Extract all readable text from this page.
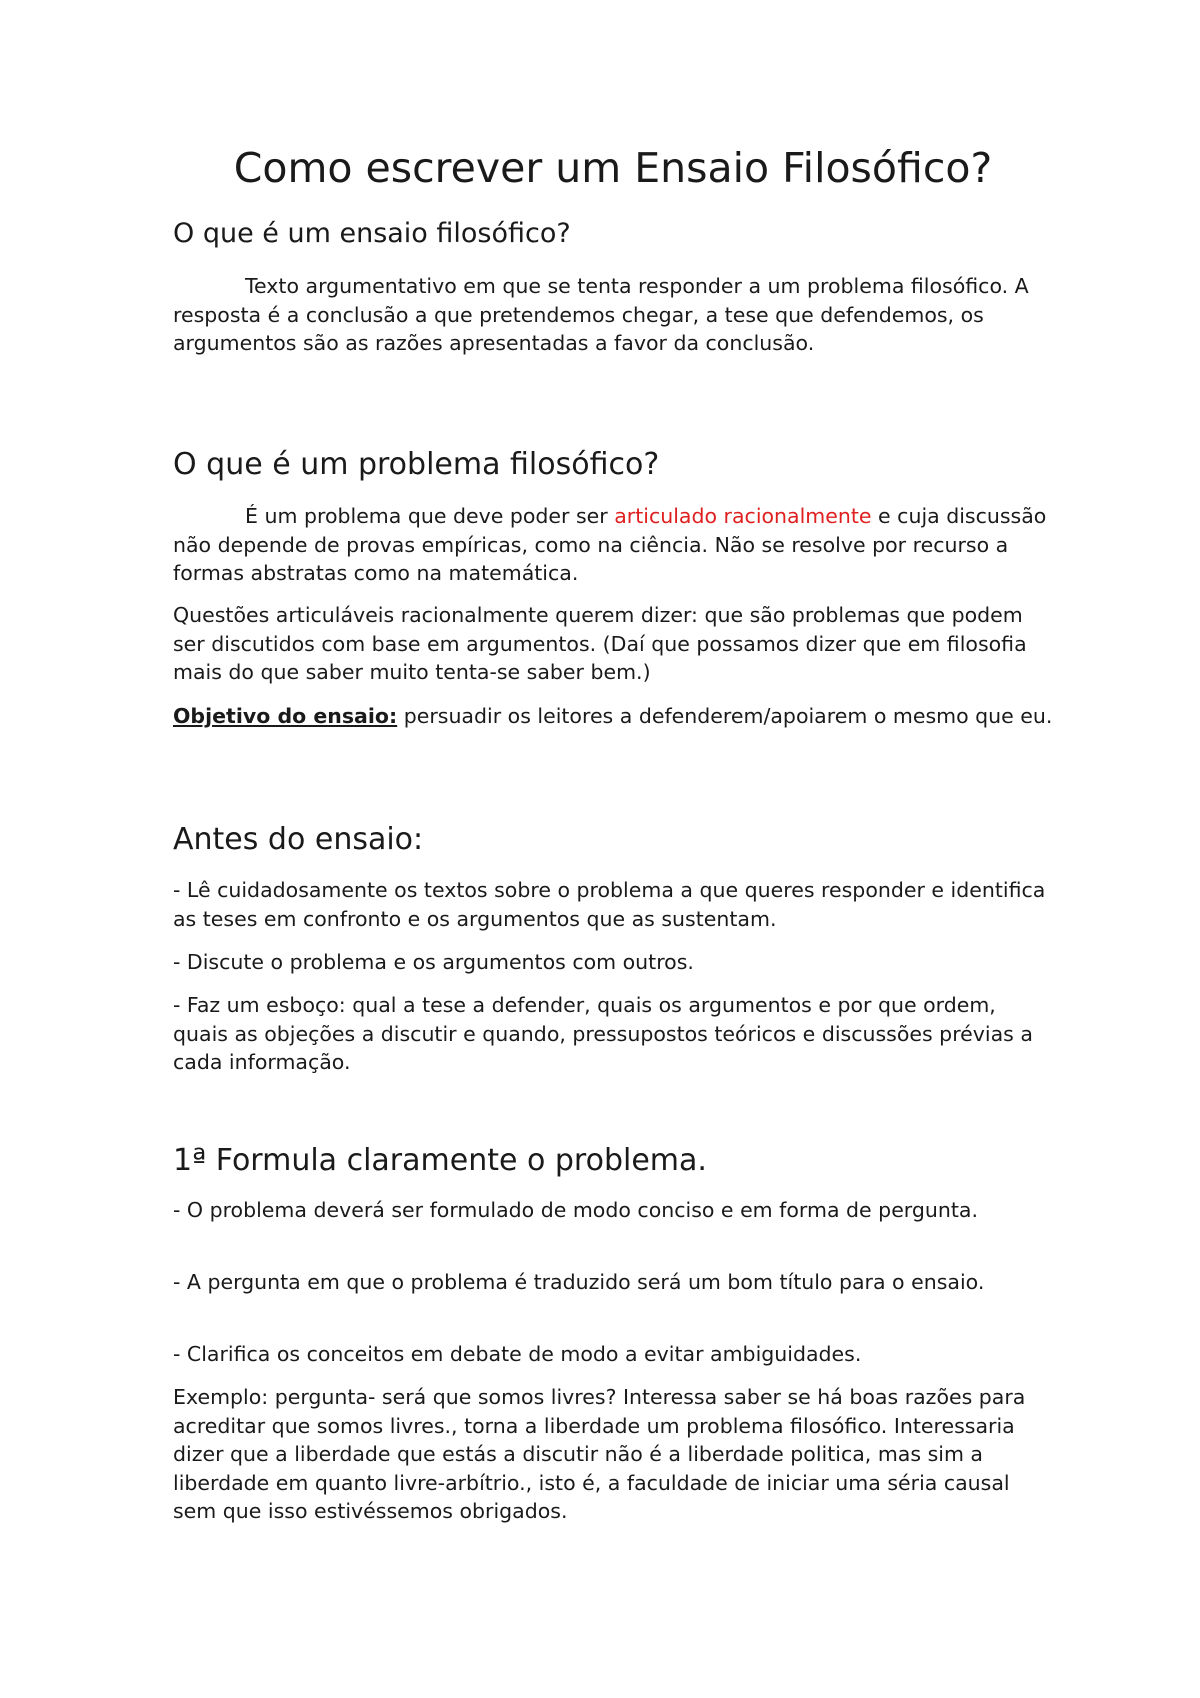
Como escrever um Ensaio Filosófico?
O que é um ensaio filosófico?

Texto argumentativo em que se tenta responder a um problema filosófico. A resposta é a conclusão a que pretendemos chegar, a tese que defendemos, os argumentos são as razões apresentadas a favor da conclusão.

O que é um problema filosófico?

É um problema que deve poder ser articulado racionalmente e cuja discussão não depende de provas empíricas, como na ciência. Não se resolve por recurso a formas abstratas como na matemática.

Questões articuláveis racionalmente querem dizer: que são problemas que podem ser discutidos com base em argumentos. (Daí que possamos dizer que em filosofia mais do que saber muito tenta-se saber bem.)

Objetivo do ensaio: persuadir os leitores a defenderem/apoiarem o mesmo que eu.

Antes do ensaio:

- Lê cuidadosamente os textos sobre o problema a que queres responder e identifica as teses em confronto e os argumentos que as sustentam.

- Discute o problema e os argumentos com outros.

- Faz um esboço: qual a tese a defender, quais os argumentos e por que ordem, quais as objeções a discutir e quando, pressupostos teóricos e discussões prévias a cada informação.

1ª Formula claramente o problema.

- O problema deverá ser formulado de modo conciso e em forma de pergunta.

- A pergunta em que o problema é traduzido será um bom título para o ensaio.

- Clarifica os conceitos em debate de modo a evitar ambiguidades.

Exemplo: pergunta- será que somos livres? Interessa saber se há boas razões para acreditar que somos livres., torna a liberdade um problema filosófico. Interessaria dizer que a liberdade que estás a discutir não é a liberdade politica, mas sim a liberdade em quanto livre-arbítrio., isto é, a faculdade de iniciar uma séria causal sem que isso estivéssemos obrigados.
